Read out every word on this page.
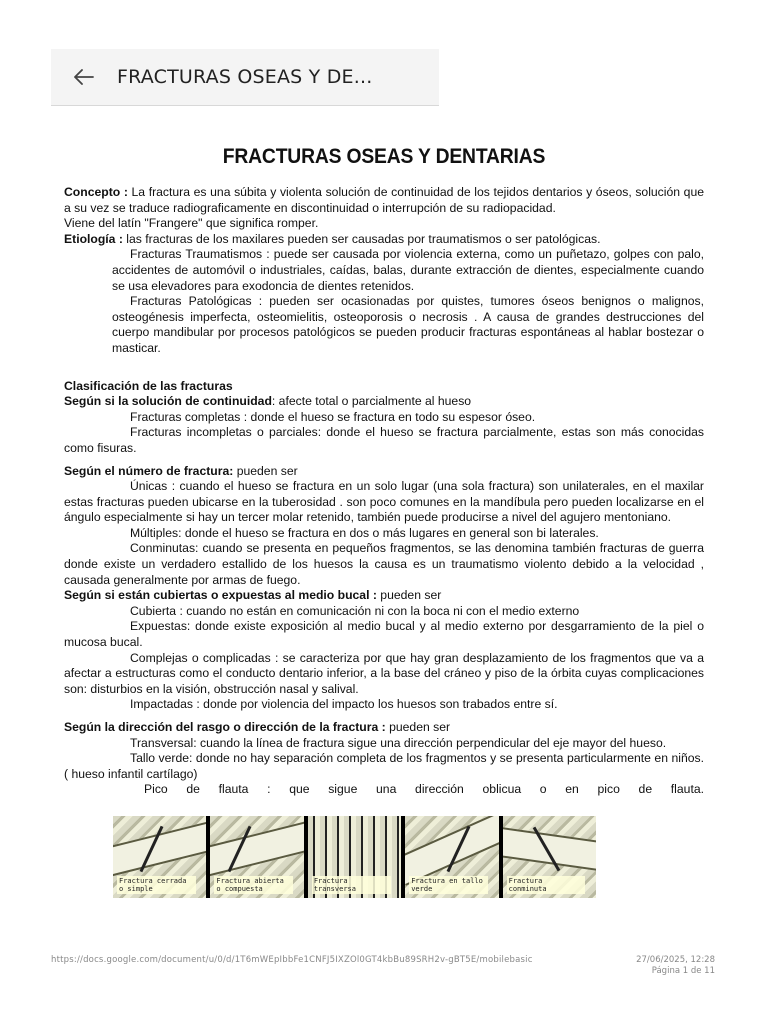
FRACTURAS OSEAS Y DE...
FRACTURAS OSEAS Y DENTARIAS

Concepto : La fractura es una súbita y violenta solución de continuidad de los tejidos dentarios y óseos, solución que a su vez se traduce radiograficamente en discontinuidad o interrupción de su radiopacidad.

Viene del latín "Frangere" que significa romper.

Etiología : las fracturas de los maxilares pueden ser causadas por traumatismos o ser patológicas.

Fracturas Traumatismos : puede ser causada por violencia externa, como un puñetazo, golpes con palo, accidentes de automóvil o industriales, caídas, balas, durante extracción de dientes, especialmente cuando se usa elevadores para exodoncia de dientes retenidos.

Fracturas Patológicas : pueden ser ocasionadas por quistes, tumores óseos benignos o malignos, osteogénesis imperfecta, osteomielitis, osteoporosis o necrosis . A causa de grandes destrucciones del cuerpo mandibular por procesos patológicos se pueden producir fracturas espontáneas al hablar bostezar o masticar.

Clasificación de las fracturas

Según si la solución de continuidad: afecte total o parcialmente al hueso

Fracturas completas : donde el hueso se fractura en todo su espesor óseo.

Fracturas incompletas o parciales: donde el hueso se fractura parcialmente, estas son más conocidas como fisuras.

Según el número de fractura: pueden ser

Únicas : cuando el hueso se fractura en un solo lugar (una sola fractura) son unilaterales, en el maxilar estas fracturas pueden ubicarse en la tuberosidad . son poco comunes en la mandíbula pero pueden localizarse en el ángulo especialmente si hay un tercer molar retenido, también puede producirse a nivel del agujero mentoniano.

Múltiples: donde el hueso se fractura en dos o más lugares en general son bi laterales.

Conminutas: cuando se presenta en pequeños fragmentos, se las denomina también fracturas de guerra donde existe un verdadero estallido de los huesos la causa es un traumatismo violento debido a la velocidad , causada generalmente por armas de fuego.

Según si están cubiertas o expuestas al medio bucal : pueden ser

Cubierta : cuando no están en comunicación ni con la boca ni con el medio externo

Expuestas: donde existe exposición al medio bucal y al medio externo por desgarramiento de la piel o mucosa bucal.

Complejas o complicadas : se caracteriza por que hay gran desplazamiento de los fragmentos que va a afectar a estructuras como el conducto dentario inferior, a la base del cráneo y piso de la órbita cuyas complicaciones son: disturbios en la visión, obstrucción nasal y salival.

Impactadas : donde por violencia del impacto los huesos son trabados entre sí.

Según la dirección del rasgo o dirección de la fractura : pueden ser

Transversal: cuando la línea de fractura sigue una dirección perpendicular del eje mayor del hueso.

Tallo verde: donde no hay separación completa de los fragmentos y se presenta particularmente en niños. ( hueso infantil cartílago)

Pico de flauta : que sigue una dirección oblicua o en pico de flauta.

Fractura cerrada o simple
Fractura abierta o compuesta
Fractura transversa
Fractura en tallo verde
Fractura conminuta
https://docs.google.com/document/u/0/d/1T6mWEpIbbFe1CNFJ5IXZOl0GT4kbBu89SRH2v-gBT5E/mobilebasic	27/06/2025, 12:28
Página 1 de 11
